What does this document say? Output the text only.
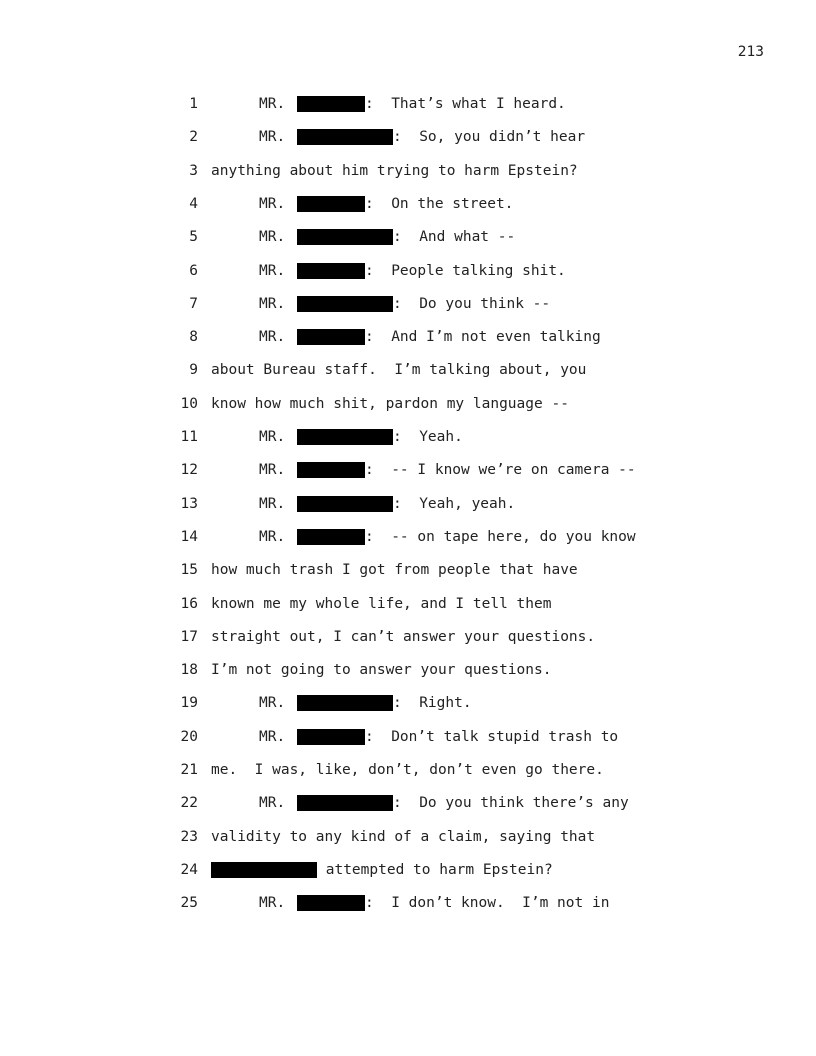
213
1	MR.	:  That’s what I heard.
2	MR.	:  So, you didn’t hear
3 anything about him trying to harm Epstein?
4	MR.	:  On the street.
5	MR.	:  And what --
6	MR.	:  People talking shit.
7	MR.	:  Do you think --
8	MR.	:  And I’m not even talking
9 about Bureau staff.  I’m talking about, you
10 know how much shit, pardon my language --
11	MR.	:  Yeah.
12	MR.	:  -- I know we’re on camera --
13	MR.	:  Yeah, yeah.
14	MR.	:  -- on tape here, do you know
15 how much trash I got from people that have
16 known me my whole life, and I tell them
17 straight out, I can’t answer your questions.
18 I’m not going to answer your questions.
19	MR.	:  Right.
20	MR.	:  Don’t talk stupid trash to
21 me.  I was, like, don’t, don’t even go there.
22	MR.	:  Do you think there’s any
23 validity to any kind of a claim, saying that
24	attempted to harm Epstein?
25	MR.	:  I don’t know.  I’m not in
